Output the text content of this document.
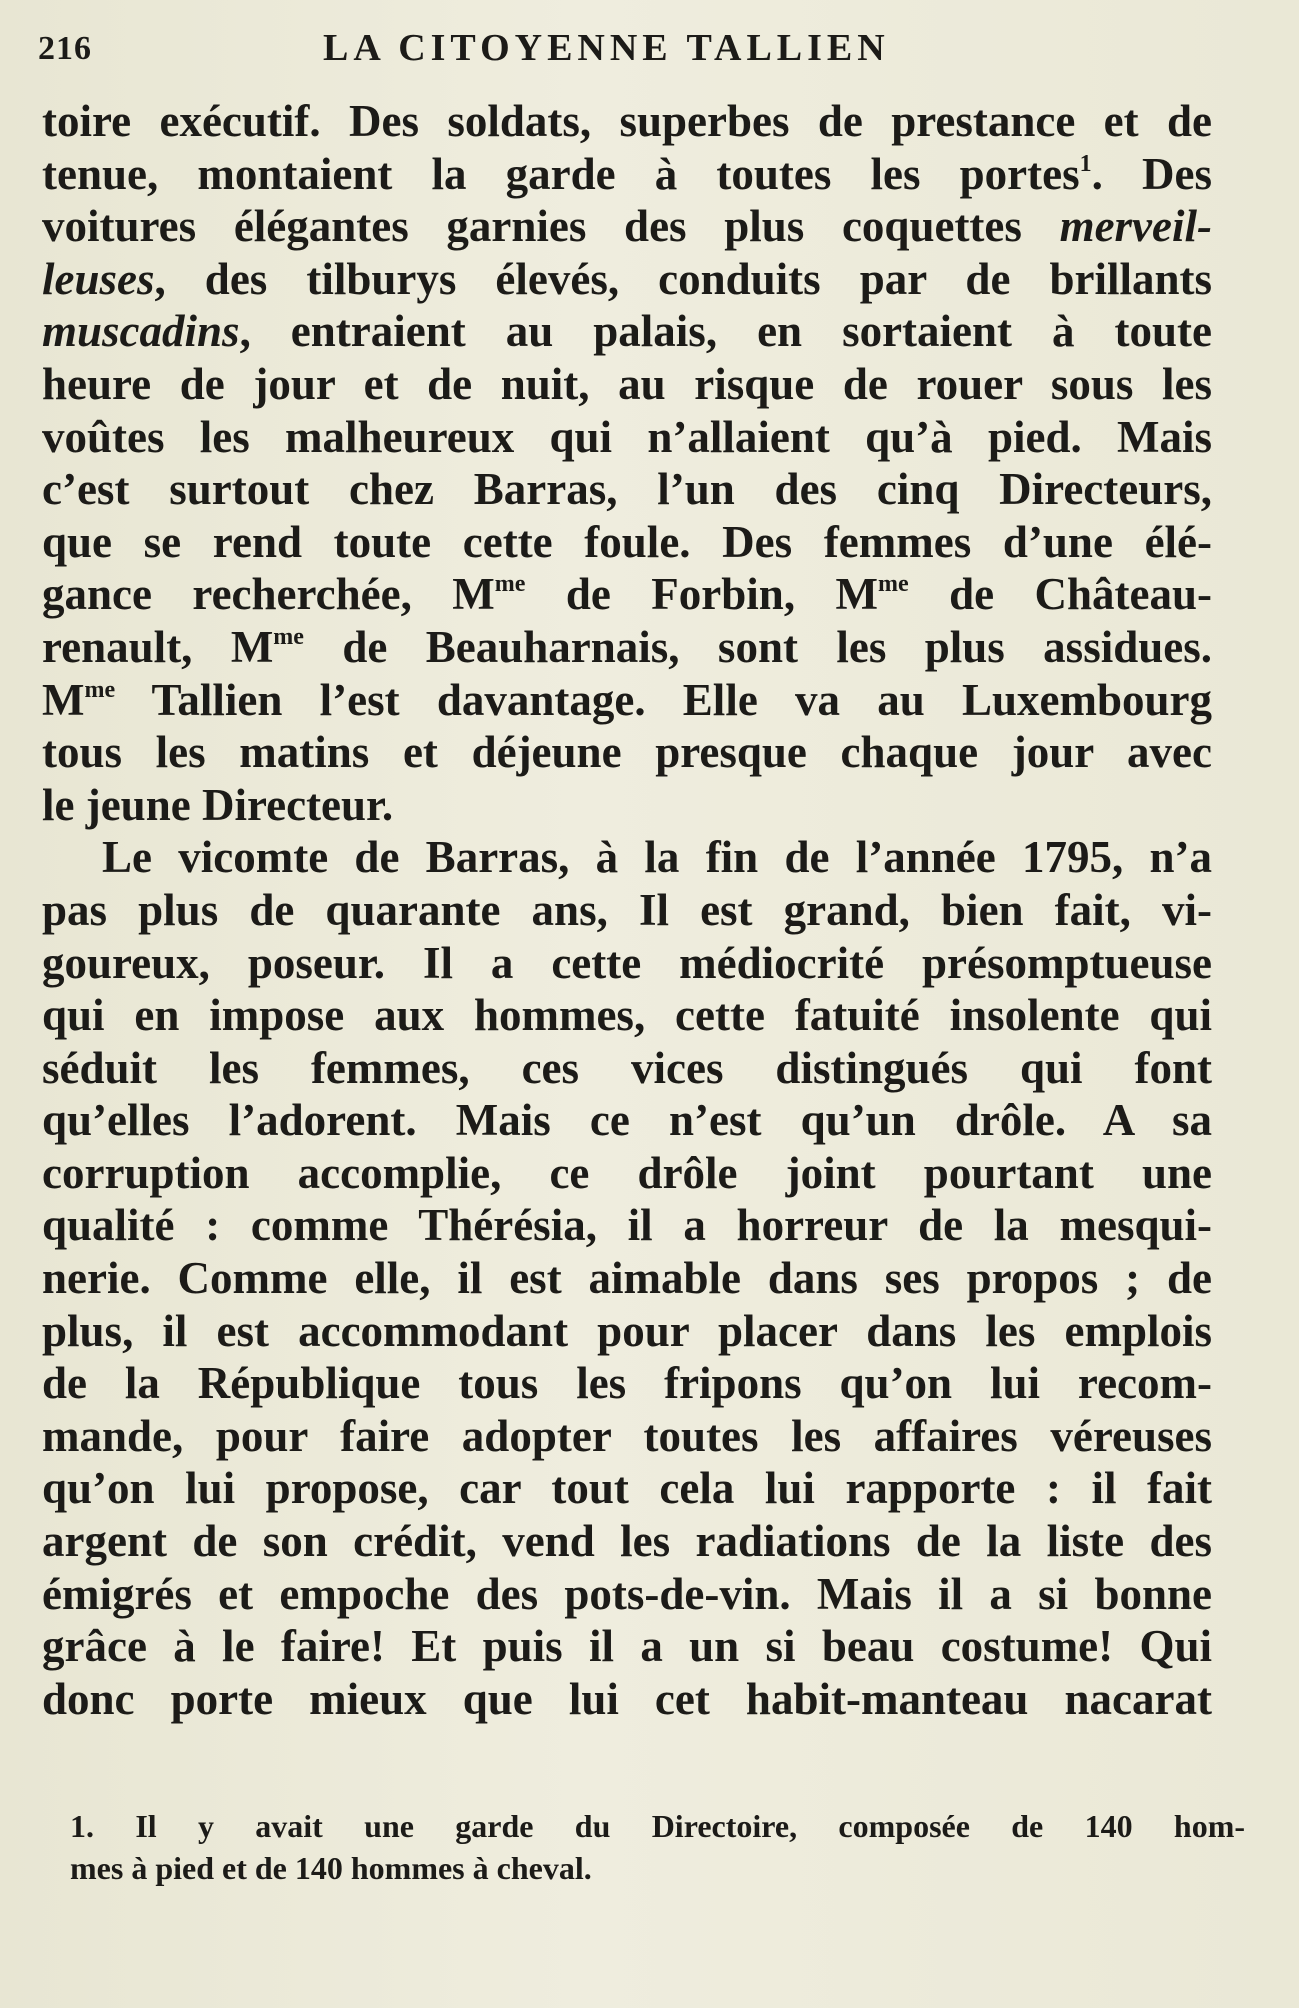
216	LA CITOYENNE TALLIEN
toire exécutif. Des soldats, superbes de prestance et de
tenue, montaient la garde à toutes les portes$^1$. Des
voitures élégantes garnies des plus coquettes merveil-
leuses, des tilburys élevés, conduits par de brillants
muscadins, entraient au palais, en sortaient à toute
heure de jour et de nuit, au risque de rouer sous les
voûtes les malheureux qui n’allaient qu’à pied. Mais
c’est surtout chez Barras, l’un des cinq Directeurs,
que se rend toute cette foule. Des femmes d’une élé-
gance recherchée, $M^{me}$ de Forbin, $M^{me}$ de Château-
renault, $M^{me}$ de Beauharnais, sont les plus assidues.
$M^{me}$ Tallien l’est davantage. Elle va au Luxembourg
tous les matins et déjeune presque chaque jour avec
le jeune Directeur.
Le vicomte de Barras, à la fin de l’année 1795, n’a
pas plus de quarante ans, Il est grand, bien fait, vi-
goureux, poseur. Il a cette médiocrité présomptueuse
qui en impose aux hommes, cette fatuité insolente qui
séduit les femmes, ces vices distingués qui font
qu’elles l’adorent. Mais ce n’est qu’un drôle. A sa
corruption accomplie, ce drôle joint pourtant une
qualité : comme Thérésia, il a horreur de la mesqui-
nerie. Comme elle, il est aimable dans ses propos ; de
plus, il est accommodant pour placer dans les emplois
de la République tous les fripons qu’on lui recom-
mande, pour faire adopter toutes les affaires véreuses
qu’on lui propose, car tout cela lui rapporte : il fait
argent de son crédit, vend les radiations de la liste des
émigrés et empoche des pots-de-vin. Mais il a si bonne
grâce à le faire! Et puis il a un si beau costume! Qui
donc porte mieux que lui cet habit-manteau nacarat
1. Il y avait une garde du Directoire, composée de 140 hom-
mes à pied et de 140 hommes à cheval.
